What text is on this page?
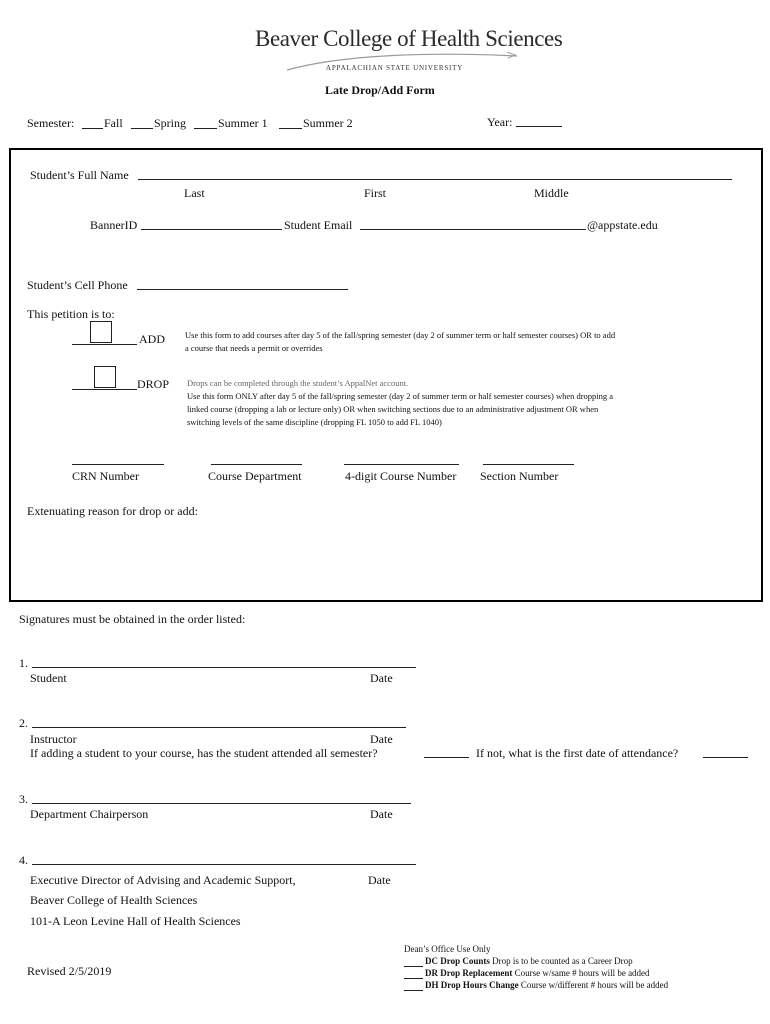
Beaver College of Health Sciences
APPALACHIAN STATE UNIVERSITY
Late Drop/Add Form
Semester: Fall	Spring	Summer 1	Summer 2	Year:
Student’s Full Name
Last	First	Middle
BannerID	Student Email	@appstate.edu
Student’s Cell Phone
This petition is to:
ADD Use this form to add courses after day 5 of the fall/spring semester (day 2 of summer term or half semester courses) OR to add
a course that needs a permit or overrides
DROP Drops can be completed through the student’s AppalNet account.
Use this form ONLY after day 5 of the fall/spring semester (day 2 of summer term or half semester courses) when dropping a
linked course (dropping a lab or lecture only) OR when switching sections due to an administrative adjustment OR when
switching levels of the same discipline (dropping FL 1050 to add FL 1040)
CRN Number	Course Department	4-digit Course Number Section Number
Extenuating reason for drop or add:
Signatures must be obtained in the order listed:
1.
Student	Date
2.
Instructor	Date
If adding a student to your course, has the student attended all semester?	If not, what is the first date of attendance?
3.
Department Chairperson	Date
4.
Executive Director of Advising and Academic Support,	Date
Beaver College of Health Sciences
101-A Leon Levine Hall of Health Sciences
Revised 2/5/2019
Dean’s Office Use Only
DC Drop Counts Drop is to be counted as a Career Drop
DR Drop Replacement Course w/same # hours will be added
DH Drop Hours Change Course w/different # hours will be added
